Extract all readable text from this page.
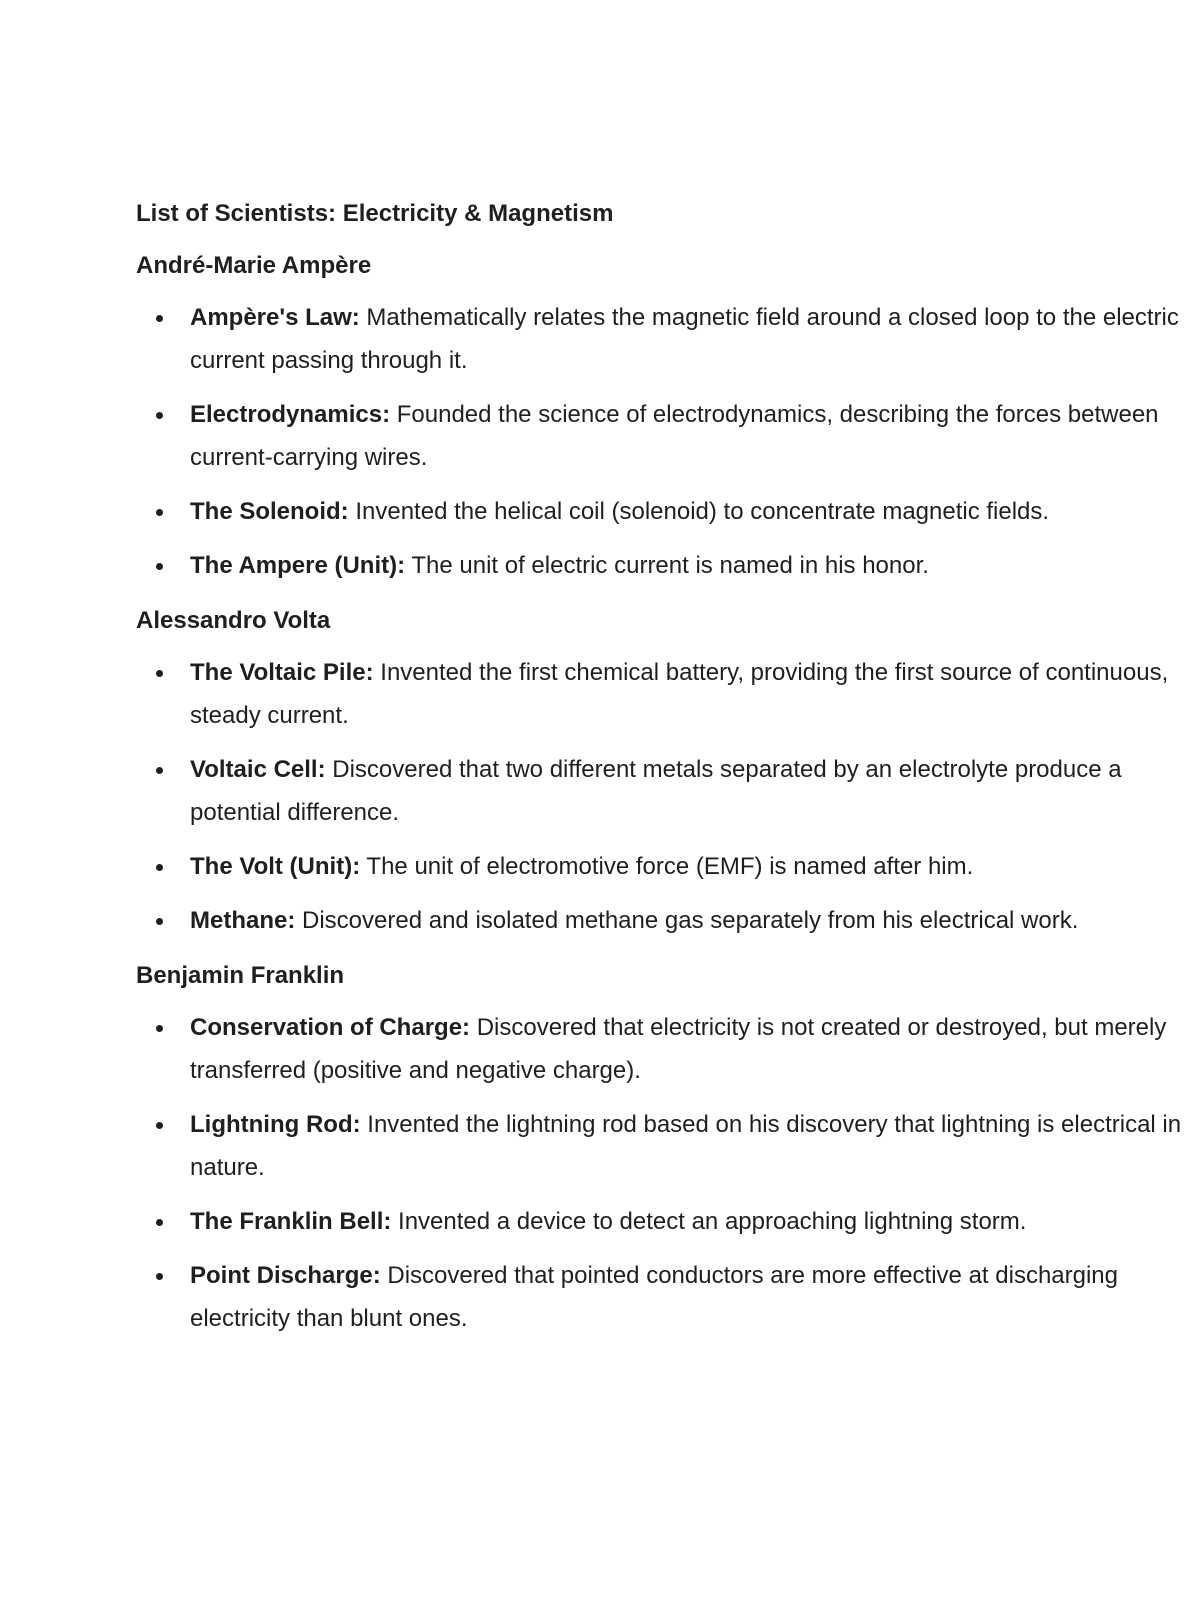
List of Scientists: Electricity & Magnetism
André-Marie Ampère
Ampère's Law: Mathematically relates the magnetic field around a closed loop to the electric current passing through it.
Electrodynamics: Founded the science of electrodynamics, describing the forces between current-carrying wires.
The Solenoid: Invented the helical coil (solenoid) to concentrate magnetic fields.
The Ampere (Unit): The unit of electric current is named in his honor.
Alessandro Volta
The Voltaic Pile: Invented the first chemical battery, providing the first source of continuous, steady current.
Voltaic Cell: Discovered that two different metals separated by an electrolyte produce a potential difference.
The Volt (Unit): The unit of electromotive force (EMF) is named after him.
Methane: Discovered and isolated methane gas separately from his electrical work.
Benjamin Franklin
Conservation of Charge: Discovered that electricity is not created or destroyed, but merely transferred (positive and negative charge).
Lightning Rod: Invented the lightning rod based on his discovery that lightning is electrical in nature.
The Franklin Bell: Invented a device to detect an approaching lightning storm.
Point Discharge: Discovered that pointed conductors are more effective at discharging electricity than blunt ones.
